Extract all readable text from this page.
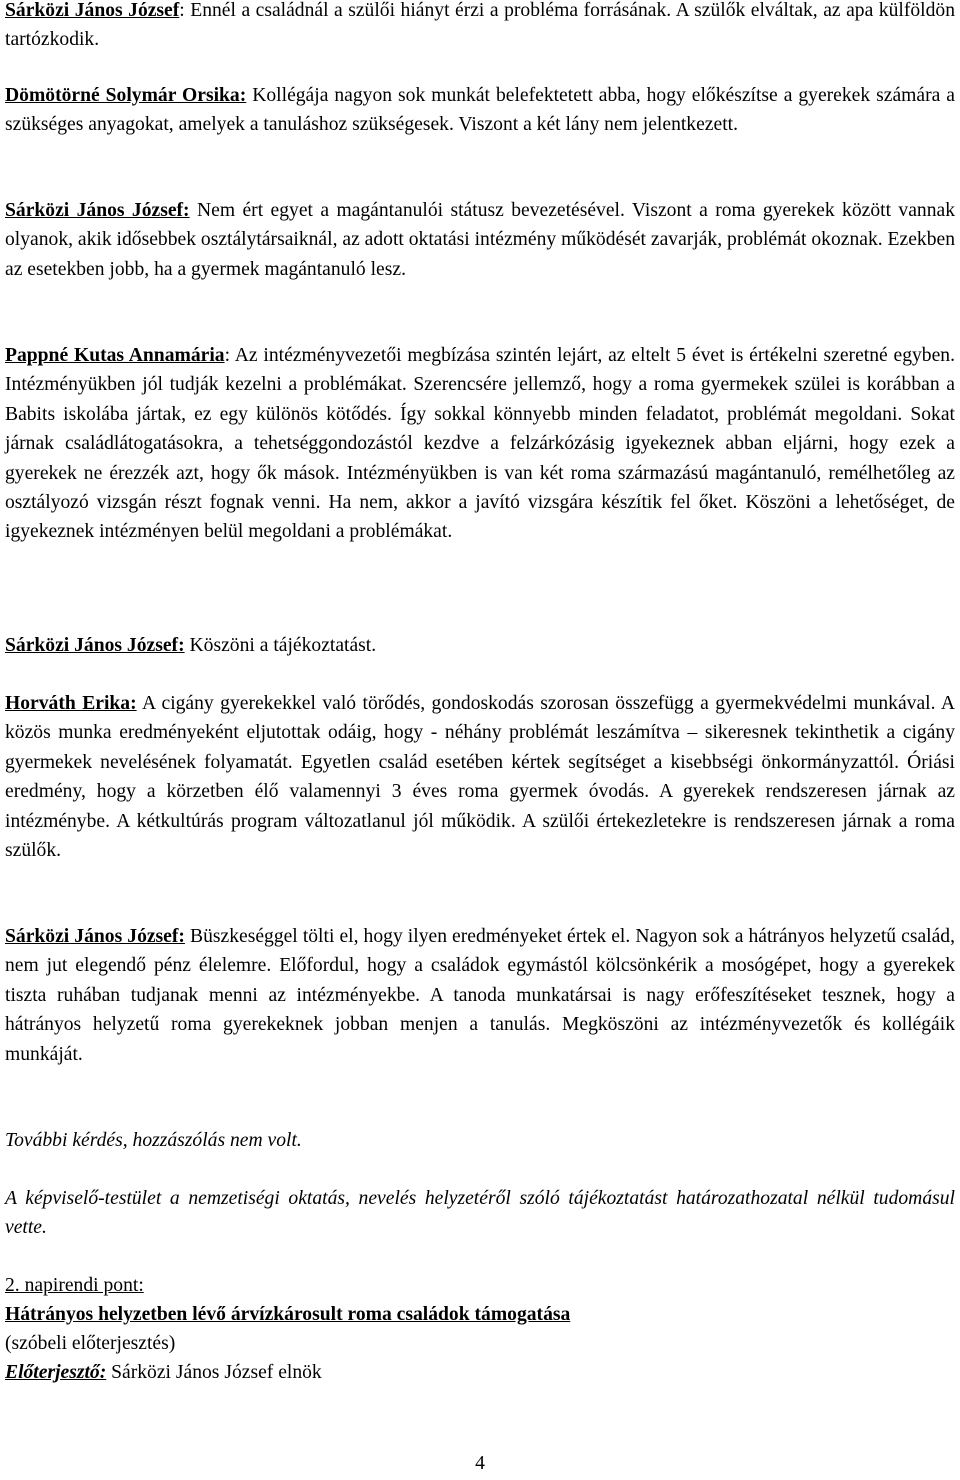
Sárközi János József: Ennél a családnál a szülői hiányt érzi a probléma forrásának. A szülők elváltak, az apa külföldön tartózkodik.

Dömötörné Solymár Orsika: Kollégája nagyon sok munkát belefektetett abba, hogy előkészítse a gyerekek számára a szükséges anyagokat, amelyek a tanuláshoz szükségesek. Viszont a két lány nem jelentkezett.

Sárközi János József: Nem ért egyet a magántanulói státusz bevezetésével. Viszont a roma gyerekek között vannak olyanok, akik idősebbek osztálytársaiknál, az adott oktatási intézmény működését zavarják, problémát okoznak. Ezekben az esetekben jobb, ha a gyermek magántanuló lesz.

Pappné Kutas Annamária: Az intézményvezetői megbízása szintén lejárt, az eltelt 5 évet is értékelni szeretné egyben. Intézményükben jól tudják kezelni a problémákat. Szerencsére jellemző, hogy a roma gyermekek szülei is korábban a Babits iskolába jártak, ez egy különös kötődés. Így sokkal könnyebb minden feladatot, problémát megoldani. Sokat járnak családlátogatásokra, a tehetséggondozástól kezdve a felzárkózásig igyekeznek abban eljárni, hogy ezek a gyerekek ne érezzék azt, hogy ők mások. Intézményükben is van két roma származású magántanuló, remélhetőleg az osztályozó vizsgán részt fognak venni. Ha nem, akkor a javító vizsgára készítik fel őket. Köszöni a lehetőséget, de igyekeznek intézményen belül megoldani a problémákat.

Sárközi János József: Köszöni a tájékoztatást.

Horváth Erika: A cigány gyerekekkel való törődés, gondoskodás szorosan összefügg a gyermekvédelmi munkával. A közös munka eredményeként eljutottak odáig, hogy - néhány problémát leszámítva – sikeresnek tekinthetik a cigány gyermekek nevelésének folyamatát. Egyetlen család esetében kértek segítséget a kisebbségi önkormányzattól. Óriási eredmény, hogy a körzetben élő valamennyi 3 éves roma gyermek óvodás. A gyerekek rendszeresen járnak az intézménybe. A kétkultúrás program változatlanul jól működik. A szülői értekezletekre is rendszeresen járnak a roma szülők.

Sárközi János József: Büszkeséggel tölti el, hogy ilyen eredményeket értek el. Nagyon sok a hátrányos helyzetű család, nem jut elegendő pénz élelemre. Előfordul, hogy a családok egymástól kölcsönkérik a mosógépet, hogy a gyerekek tiszta ruhában tudjanak menni az intézményekbe. A tanoda munkatársai is nagy erőfeszítéseket tesznek, hogy a hátrányos helyzetű roma gyerekeknek jobban menjen a tanulás. Megköszöni az intézményvezetők és kollégáik munkáját.

További kérdés, hozzászólás nem volt.

A képviselő-testület a nemzetiségi oktatás, nevelés helyzetéről szóló tájékoztatást határozathozatal nélkül tudomásul vette.

2. napirendi pont:

Hátrányos helyzetben lévő árvízkárosult roma családok támogatása

(szóbeli előterjesztés)

Előterjesztő: Sárközi János József elnök

4
